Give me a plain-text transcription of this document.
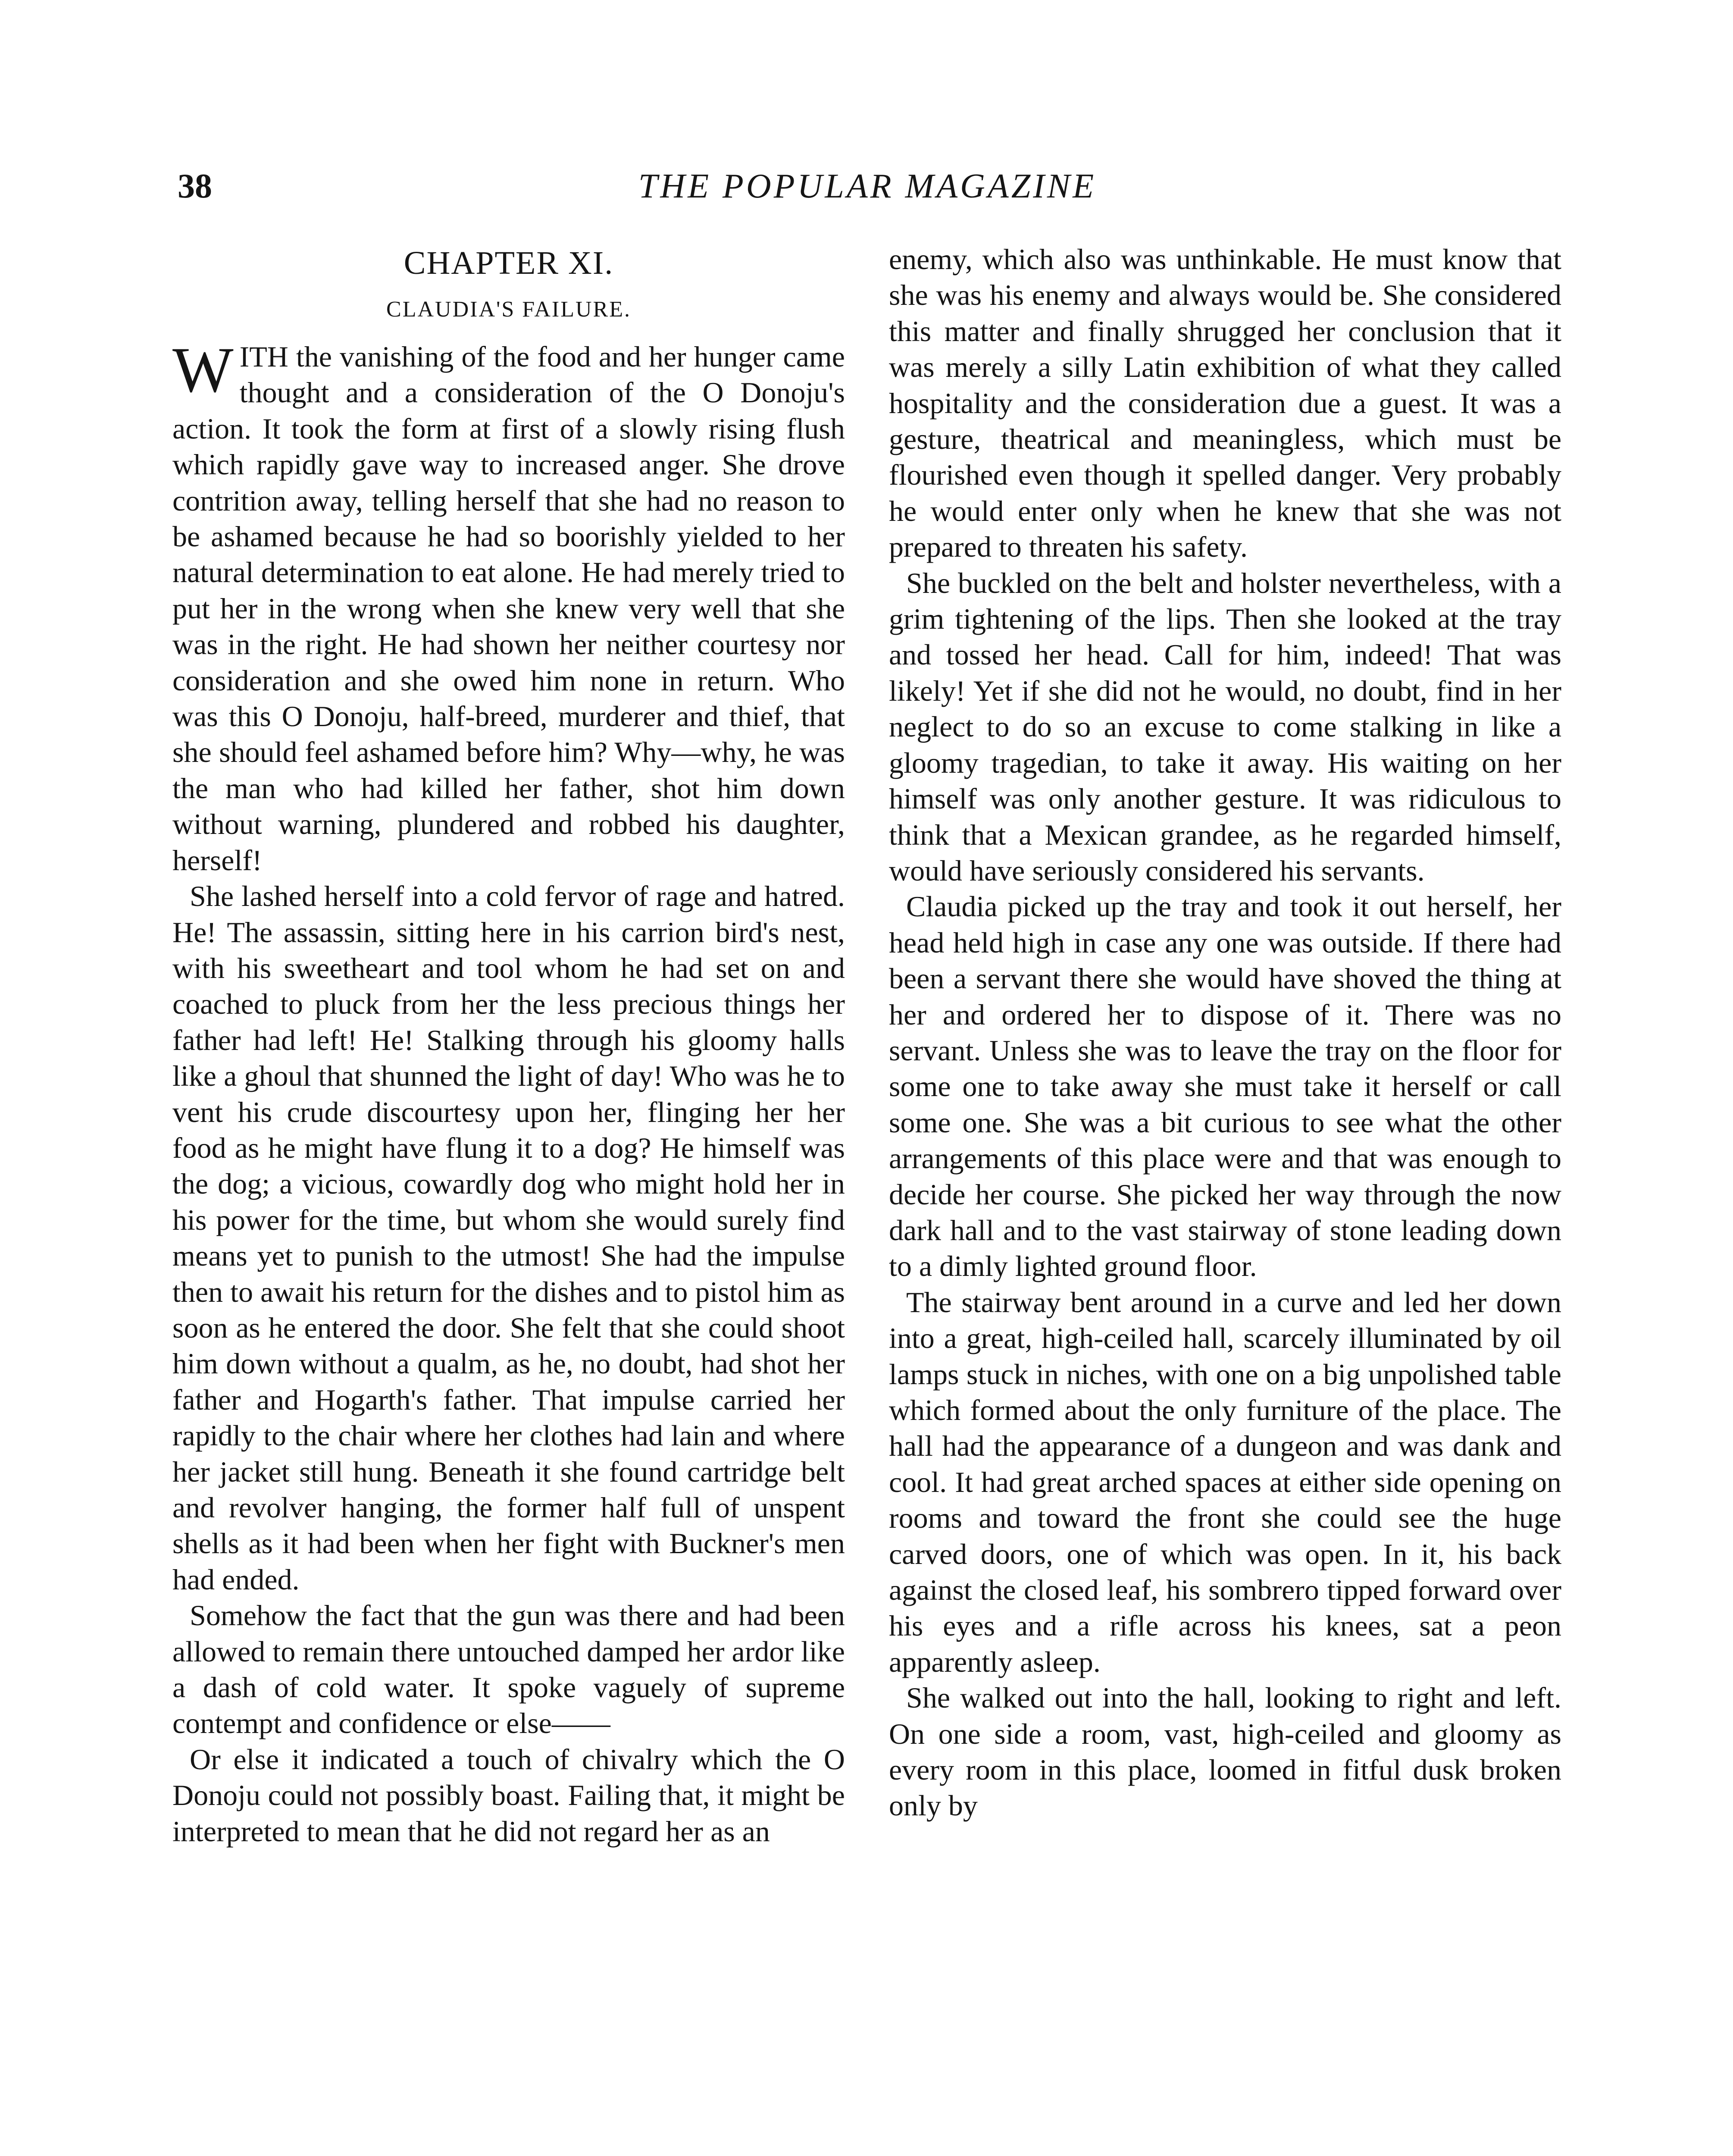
38	THE POPULAR MAGAZINE
CHAPTER XI.
CLAUDIA'S FAILURE.

WITH the vanishing of the food and her hunger came thought and a consideration of the O Donoju's action. It took the form at first of a slowly rising flush which rapidly gave way to increased anger. She drove contrition away, telling herself that she had no reason to be ashamed because he had so boorishly yielded to her natural determination to eat alone. He had merely tried to put her in the wrong when she knew very well that she was in the right. He had shown her neither courtesy nor consideration and she owed him none in return. Who was this O Donoju, half-breed, murderer and thief, that she should feel ashamed before him? Why—why, he was the man who had killed her father, shot him down without warning, plundered and robbed his daughter, herself!

She lashed herself into a cold fervor of rage and hatred. He! The assassin, sitting here in his carrion bird's nest, with his sweetheart and tool whom he had set on and coached to pluck from her the less precious things her father had left! He! Stalking through his gloomy halls like a ghoul that shunned the light of day! Who was he to vent his crude discourtesy upon her, flinging her her food as he might have flung it to a dog? He himself was the dog; a vicious, cowardly dog who might hold her in his power for the time, but whom she would surely find means yet to punish to the utmost! She had the impulse then to await his return for the dishes and to pistol him as soon as he entered the door. She felt that she could shoot him down without a qualm, as he, no doubt, had shot her father and Hogarth's father. That impulse carried her rapidly to the chair where her clothes had lain and where her jacket still hung. Beneath it she found cartridge belt and revolver hanging, the former half full of unspent shells as it had been when her fight with Buckner's men had ended.

Somehow the fact that the gun was there and had been allowed to remain there untouched damped her ardor like a dash of cold water. It spoke vaguely of supreme contempt and confidence or else——

Or else it indicated a touch of chivalry which the O Donoju could not possibly boast. Failing that, it might be interpreted to mean that he did not regard her as an

enemy, which also was unthinkable. He must know that she was his enemy and always would be. She considered this matter and finally shrugged her conclusion that it was merely a silly Latin exhibition of what they called hospitality and the consideration due a guest. It was a gesture, theatrical and meaningless, which must be flourished even though it spelled danger. Very probably he would enter only when he knew that she was not prepared to threaten his safety.

She buckled on the belt and holster nevertheless, with a grim tightening of the lips. Then she looked at the tray and tossed her head. Call for him, indeed! That was likely! Yet if she did not he would, no doubt, find in her neglect to do so an excuse to come stalking in like a gloomy tragedian, to take it away. His waiting on her himself was only another gesture. It was ridiculous to think that a Mexican grandee, as he regarded himself, would have seriously considered his servants.

Claudia picked up the tray and took it out herself, her head held high in case any one was outside. If there had been a servant there she would have shoved the thing at her and ordered her to dispose of it. There was no servant. Unless she was to leave the tray on the floor for some one to take away she must take it herself or call some one. She was a bit curious to see what the other arrangements of this place were and that was enough to decide her course. She picked her way through the now dark hall and to the vast stairway of stone leading down to a dimly lighted ground floor.

The stairway bent around in a curve and led her down into a great, high-ceiled hall, scarcely illuminated by oil lamps stuck in niches, with one on a big unpolished table which formed about the only furniture of the place. The hall had the appearance of a dungeon and was dank and cool. It had great arched spaces at either side opening on rooms and toward the front she could see the huge carved doors, one of which was open. In it, his back against the closed leaf, his sombrero tipped forward over his eyes and a rifle across his knees, sat a peon apparently asleep.

She walked out into the hall, looking to right and left. On one side a room, vast, high-ceiled and gloomy as every room in this place, loomed in fitful dusk broken only by
